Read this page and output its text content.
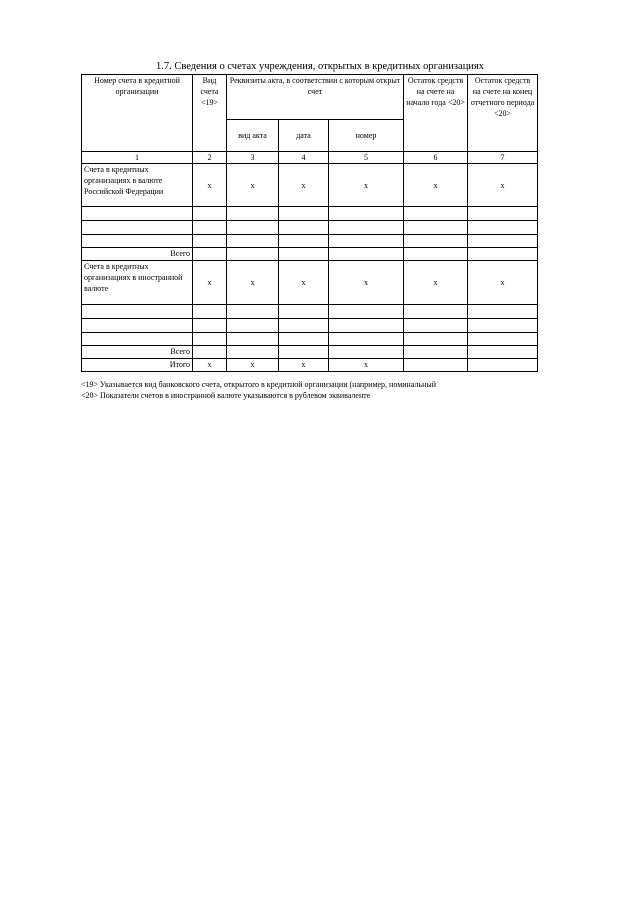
1.7. Сведения о счетах учреждения, открытых в кредитных организациях
Номер счета в кредитной организации	Вид счета <19>	Реквизиты акта, в соответствии с которым открыт счет			Остаток средств на счете на начало года <20>	Остаток средств на счете на конец отчетного периода <20>
		вид акта	дата	номер		
1	2	3	4	5	6	7
Счета в кредитных организациях в валюте Российской Федерации	x	x	x	x	x	x

Всего						
Счета в кредитных организациях в иностранной валюте	x	x	x	x	x	x

Всего						
Итого	x	x	x	x		
<19> Указывается вид банковского счета, открытого в кредитной организации (например, номинальный
<20> Показатели счетов в иностранной валюте указываются в рублевом эквиваленте
